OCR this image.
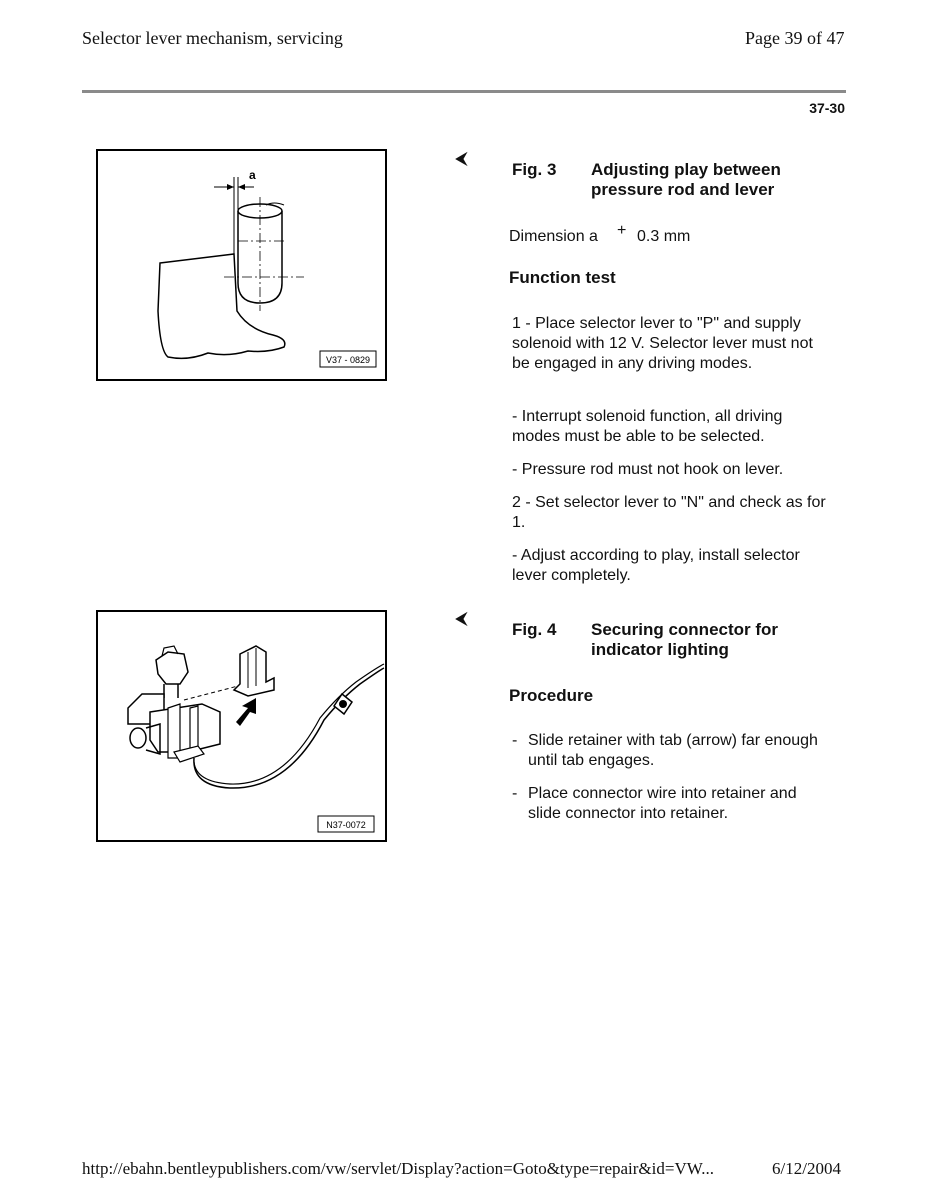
Selector lever mechanism, servicing	Page 39 of 47
37-30
a
V37 - 0829
⮜
Fig. 3 Adjusting play between pressure rod and lever
Dimension a + 0.3 mm
Function test
1 - Place selector lever to "P" and supply solenoid with 12 V. Selector lever must not be engaged in any driving modes.
- Interrupt solenoid function, all driving modes must be able to be selected.
- Pressure rod must not hook on lever.
2 - Set selector lever to "N" and check as for 1.
- Adjust according to play, install selector lever completely.
N37-0072
⮜
Fig. 4 Securing connector for indicator lighting
Procedure
- Slide retainer with tab (arrow) far enough until tab engages.
- Place connector wire into retainer and slide connector into retainer.
http://ebahn.bentleypublishers.com/vw/servlet/Display?action=Goto&type=repair&id=VW...	6/12/2004
